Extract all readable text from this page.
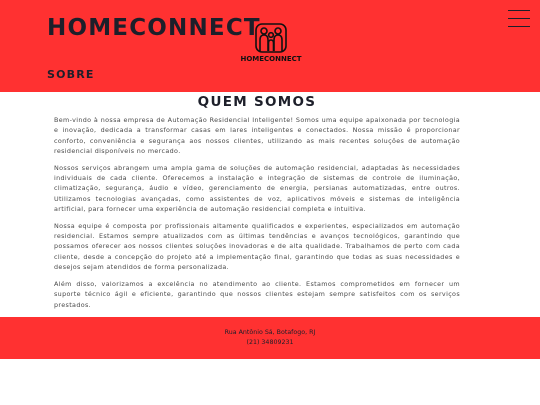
HOMECONNECT
SOBRE
HOMECONNECT
QUEM SOMOS

Bem-vindo à nossa empresa de Automação Residencial Inteligente! Somos uma equipe apaixonada por tecnologia e inovação, dedicada a transformar casas em lares inteligentes e conectados. Nossa missão é proporcionar conforto, conveniência e segurança aos nossos clientes, utilizando as mais recentes soluções de automação residencial disponíveis no mercado.

Nossos serviços abrangem uma ampla gama de soluções de automação residencial, adaptadas às necessidades individuais de cada cliente. Oferecemos a instalação e integração de sistemas de controle de iluminação, climatização, segurança, áudio e vídeo, gerenciamento de energia, persianas automatizadas, entre outros. Utilizamos tecnologias avançadas, como assistentes de voz, aplicativos móveis e sistemas de inteligência artificial, para fornecer uma experiência de automação residencial completa e intuitiva.

Nossa equipe é composta por profissionais altamente qualificados e experientes, especializados em automação residencial. Estamos sempre atualizados com as últimas tendências e avanços tecnológicos, garantindo que possamos oferecer aos nossos clientes soluções inovadoras e de alta qualidade. Trabalhamos de perto com cada cliente, desde a concepção do projeto até a implementação final, garantindo que todas as suas necessidades e desejos sejam atendidos de forma personalizada.

Além disso, valorizamos a excelência no atendimento ao cliente. Estamos comprometidos em fornecer um suporte técnico ágil e eficiente, garantindo que nossos clientes estejam sempre satisfeitos com os serviços prestados.

Rua Antônio Sá, Botafogo, RJ
(21) 34809231
